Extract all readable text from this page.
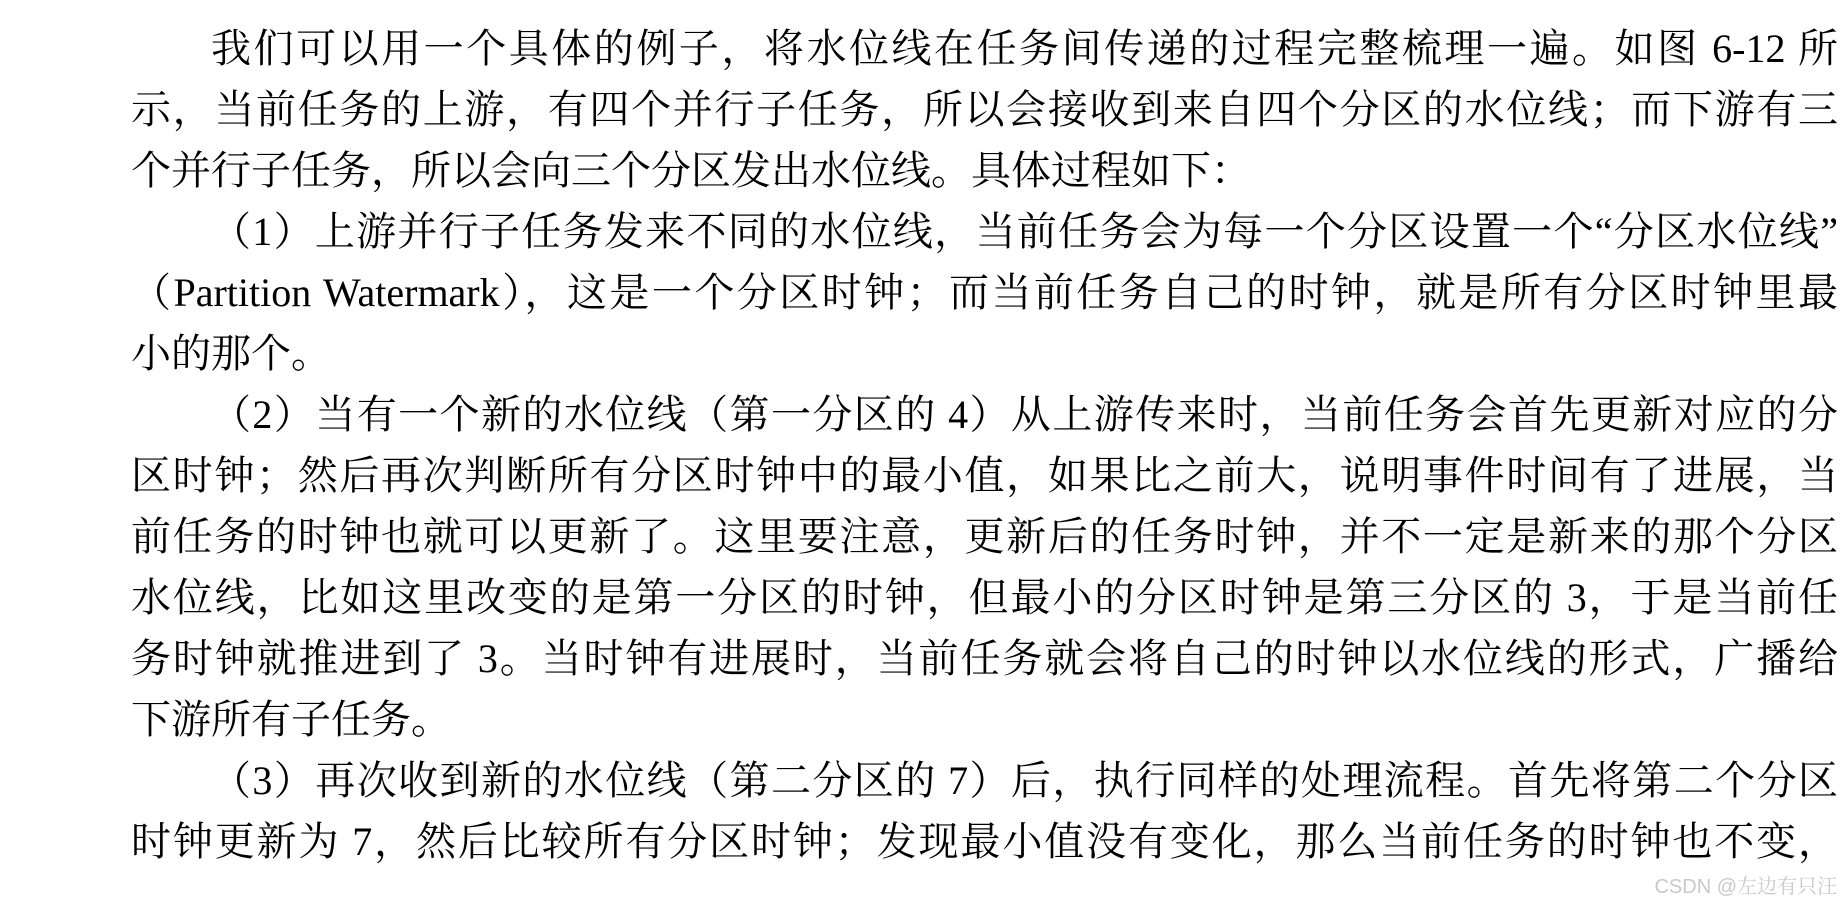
我们可以用一个具体的例子，将水位线在任务间传递的过程完整梳理一遍。如图 6-12 所
示，当前任务的上游，有四个并行子任务，所以会接收到来自四个分区的水位线；而下游有三
个并行子任务，所以会向三个分区发出水位线。具体过程如下：
（1）上游并行子任务发来不同的水位线，当前任务会为每一个分区设置一个“分区水位线”
（Partition Watermark），这是一个分区时钟；而当前任务自己的时钟，就是所有分区时钟里最
小的那个。
（2）当有一个新的水位线（第一分区的 4）从上游传来时，当前任务会首先更新对应的分
区时钟；然后再次判断所有分区时钟中的最小值，如果比之前大，说明事件时间有了进展，当
前任务的时钟也就可以更新了。这里要注意，更新后的任务时钟，并不一定是新来的那个分区
水位线，比如这里改变的是第一分区的时钟，但最小的分区时钟是第三分区的 3，于是当前任
务时钟就推进到了 3。当时钟有进展时，当前任务就会将自己的时钟以水位线的形式，广播给
下游所有子任务。
（3）再次收到新的水位线（第二分区的 7）后，执行同样的处理流程。首先将第二个分区
时钟更新为 7，然后比较所有分区时钟；发现最小值没有变化，那么当前任务的时钟也不变，
CSDN @左边有只汪
